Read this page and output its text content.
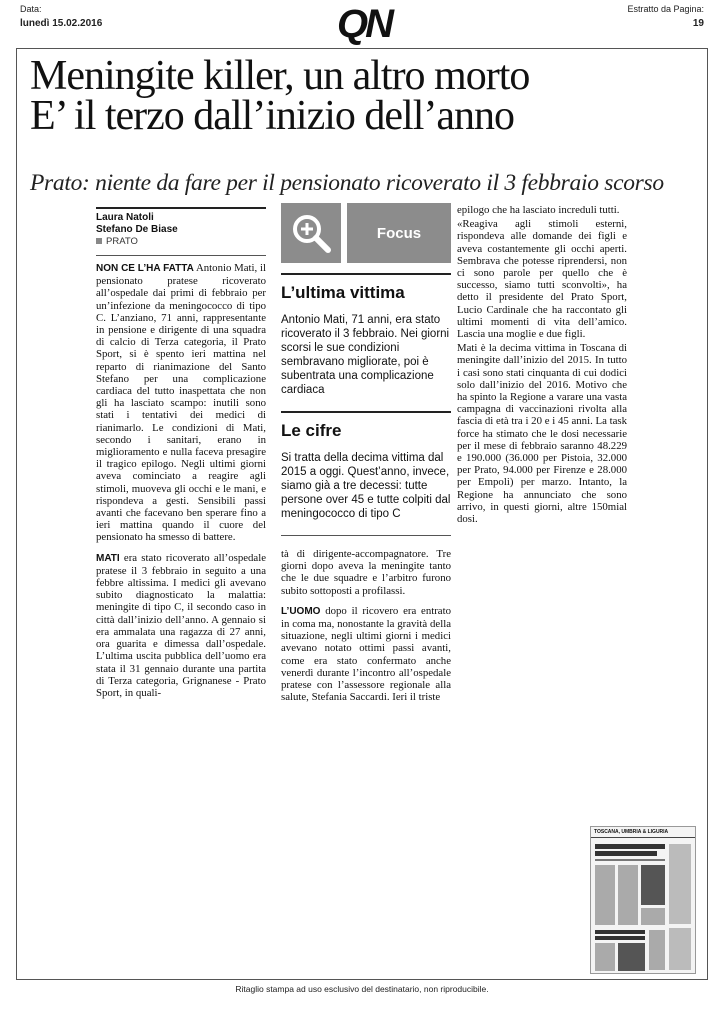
Data:
lunedì 15.02.2016
Estratto da Pagina:
19
QN
Meningite killer, un altro morto
E’ il terzo dall’inizio dell’anno
Prato: niente da fare per il pensionato ricoverato il 3 febbraio scorso
Laura Natoli
Stefano De Biase
PRATO

NON CE L’HA FATTA Antonio Mati, il pensionato pratese ricoverato all’ospedale dai primi di febbraio per un’infezione da meningococco di tipo C. L’anziano, 71 anni, rappresentante in pensione e dirigente di una squadra di calcio di Terza categoria, il Prato Sport, si è spento ieri mattina nel reparto di rianimazione del Santo Stefano per una complicazione cardiaca del tutto inaspettata che non gli ha lasciato scampo: inutili sono stati i tentativi dei medici di rianimarlo. Le condizioni di Mati, secondo i sanitari, erano in miglioramento e nulla faceva presagire il tragico epilogo. Negli ultimi giorni aveva cominciato a reagire agli stimoli, muoveva gli occhi e le mani, e rispondeva a gesti. Sensibili passi avanti che facevano ben sperare fino a ieri mattina quando il cuore del pensionato ha smesso di battere.

MATI era stato ricoverato all’ospedale pratese il 3 febbraio in seguito a una febbre altissima. I medici gli avevano subito diagnosticato la malattia: meningite di tipo C, il secondo caso in città dall’inizio dell’anno. A gennaio si era ammalata una ragazza di 27 anni, ora guarita e dimessa dall’ospedale. L’ultima uscita pubblica dell’uomo era stata il 31 gennaio durante una partita di Terza categoria, Grignanese - Prato Sport, in quali-

Focus
L’ultima vittima
Antonio Mati, 71 anni, era stato ricoverato il 3 febbraio. Nei giorni scorsi le sue condizioni sembravano migliorate, poi è subentrata una complicazione cardiaca
Le cifre
Si tratta della decima vittima dal 2015 a oggi. Quest’anno, invece, siamo già a tre decessi: tutte persone over 45 e tutte colpiti dal meningococco di tipo C

tà di dirigente-accompagnatore. Tre giorni dopo aveva la meningite tanto che le due squadre e l’arbitro furono subito sottoposti a profilassi.

L’UOMO dopo il ricovero era entrato in coma ma, nonostante la gravità della situazione, negli ultimi giorni i medici avevano notato ottimi passi avanti, come era stato confermato anche venerdì durante l’incontro all’ospedale pratese con l’assessore regionale alla salute, Stefania Saccardi. Ieri il triste

epilogo che ha lasciato increduli tutti.

«Reagiva agli stimoli esterni, rispondeva alle domande dei figli e aveva costantemente gli occhi aperti. Sembrava che potesse riprendersi, non ci sono parole per quello che è successo, siamo tutti sconvolti», ha detto il presidente del Prato Sport, Lucio Cardinale che ha raccontato gli ultimi momenti di vita dell’amico. Lascia una moglie e due figli.

Mati è la decima vittima in Toscana di meningite dall’inizio del 2015. In tutto i casi sono stati cinquanta di cui dodici solo dall’inizio del 2016. Motivo che ha spinto la Regione a varare una vasta campagna di vaccinazioni rivolta alla fascia di età tra i 20 e i 45 anni. La task force ha stimato che le dosi necessarie per il mese di febbraio saranno 48.229 e 190.000 (36.000 per Pistoia, 32.000 per Prato, 94.000 per Firenze e 28.000 per Empoli) per marzo. Intanto, la Regione ha annunciato che sono arrivo, in questi giorni, altre 150mial dosi.

TOSCANA, UMBRIA & LIGURIA
Ritaglio stampa ad uso esclusivo del destinatario, non riproducibile.
